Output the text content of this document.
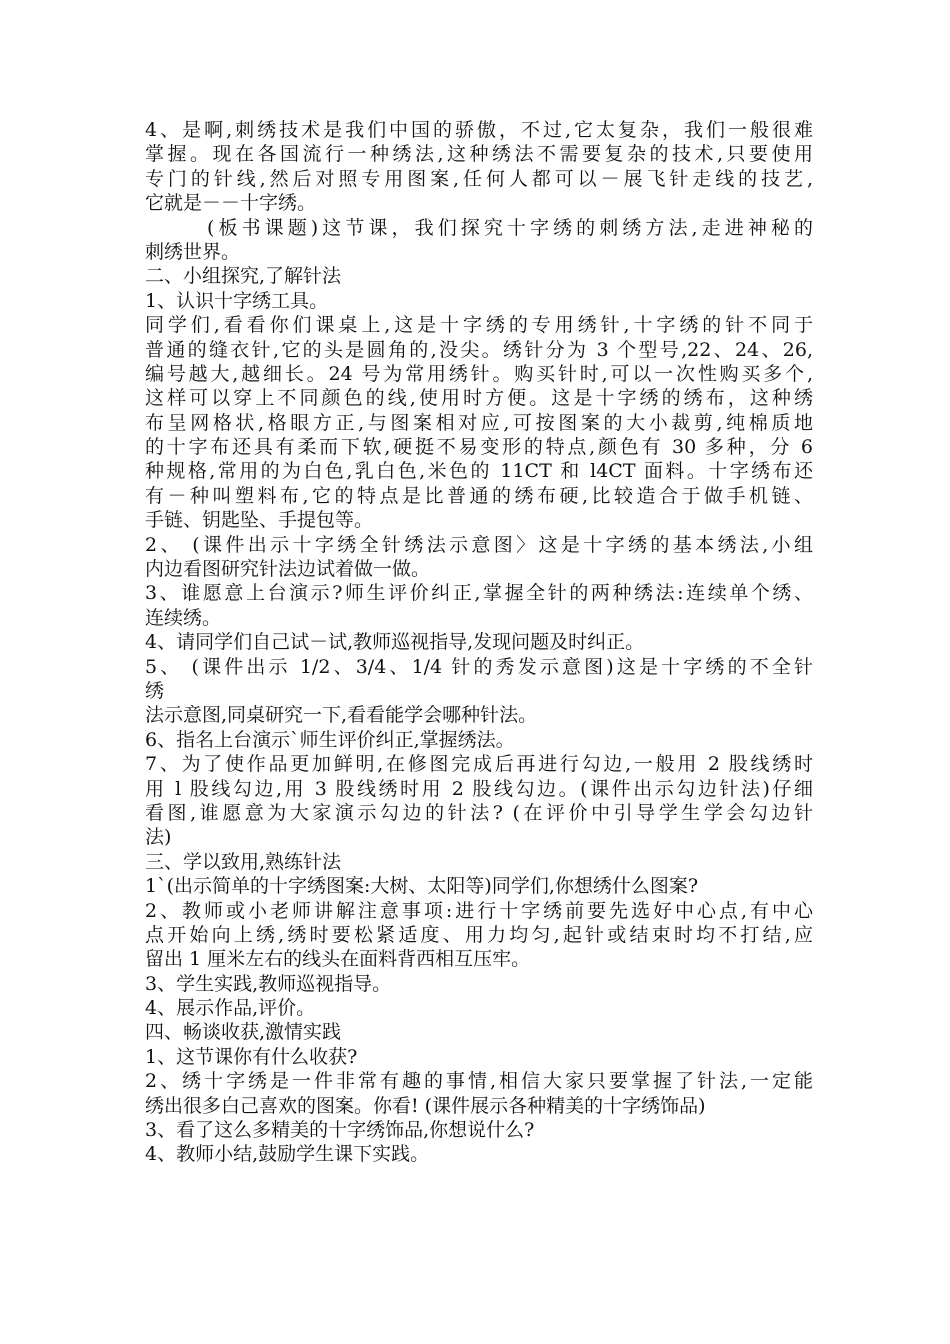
4、是啊,刺绣技术是我们中国的骄傲，不过,它太复杂，我们一般很难
掌握。现在各国流行一种绣法,这种绣法不需要复杂的技术,只要使用
专门的针线,然后对照专用图案,任何人都可以－展飞针走线的技艺,
它就是－－十字绣。
(板书课题)这节课，我们探究十字绣的刺绣方法,走进神秘的
刺绣世界。
二、小组探究,了解针法
1、认识十字绣工具。
同学们,看看你们课桌上,这是十字绣的专用绣针,十字绣的针不同于
普通的缝衣针,它的头是圆角的,没尖。绣针分为 3 个型号,22、24、26,
编号越大,越细长。24 号为常用绣针。购买针时,可以一次性购买多个,
这样可以穿上不同颜色的线,使用时方便。这是十字绣的绣布，这种绣
布呈网格状,格眼方正,与图案相对应,可按图案的大小裁剪,纯棉质地
的十字布还具有柔而下软,硬挺不易变形的特点,颜色有 30 多种，分 6
种规格,常用的为白色,乳白色,米色的 11CT 和 l4CT 面料。十字绣布还
有－种叫塑料布,它的特点是比普通的绣布硬,比较造合于做手机链、
手链、钥匙坠、手提包等。
2、 (课件出示十字绣全针绣法示意图〉这是十字绣的基本绣法,小组
内边看图研究针法边试着做一做。
3、谁愿意上台演示?师生评价纠正,掌握全针的两种绣法:连续单个绣、
连续绣。
4、请同学们自己试－试,教师巡视指导,发现问题及时纠正。
5、 (课件出示 1/2、3/4、1/4 针的秀发示意图)这是十字绣的不全针
绣
法示意图,同桌研究一下,看看能学会哪种针法。
6、指名上台演示`师生评价纠正,掌握绣法。
7、为了使作品更加鲜明,在修图完成后再进行勾边,一般用 2 股线绣时
用 l 股线勾边,用 3 股线绣时用 2 股线勾边。(课件出示勾边针法)仔细
看图,谁愿意为大家演示勾边的针法? (在评价中引导学生学会勾边针
法)
三、学以致用,熟练针法
1`(出示简单的十字绣图案:大树、太阳等)同学们,你想绣什么图案?
2、教师或小老师讲解注意事项:进行十字绣前要先选好中心点,有中心
点开始向上绣,绣时要松紧适度、用力均匀,起针或结束时均不打结,应
留出 1 厘米左右的线头在面料背西相互压牢。
3、学生实践,教师巡视指导。
4、展示作品,评价。
四、畅谈收获,激情实践
1、这节课你有什么收获?
2、绣十字绣是一件非常有趣的事情,相信大家只要掌握了针法,一定能
绣出很多白己喜欢的图案。你看! (课件展示各种精美的十字绣饰品)
3、看了这么多精美的十字绣饰品,你想说什么?
4、教师小结,鼓励学生课下实践。
